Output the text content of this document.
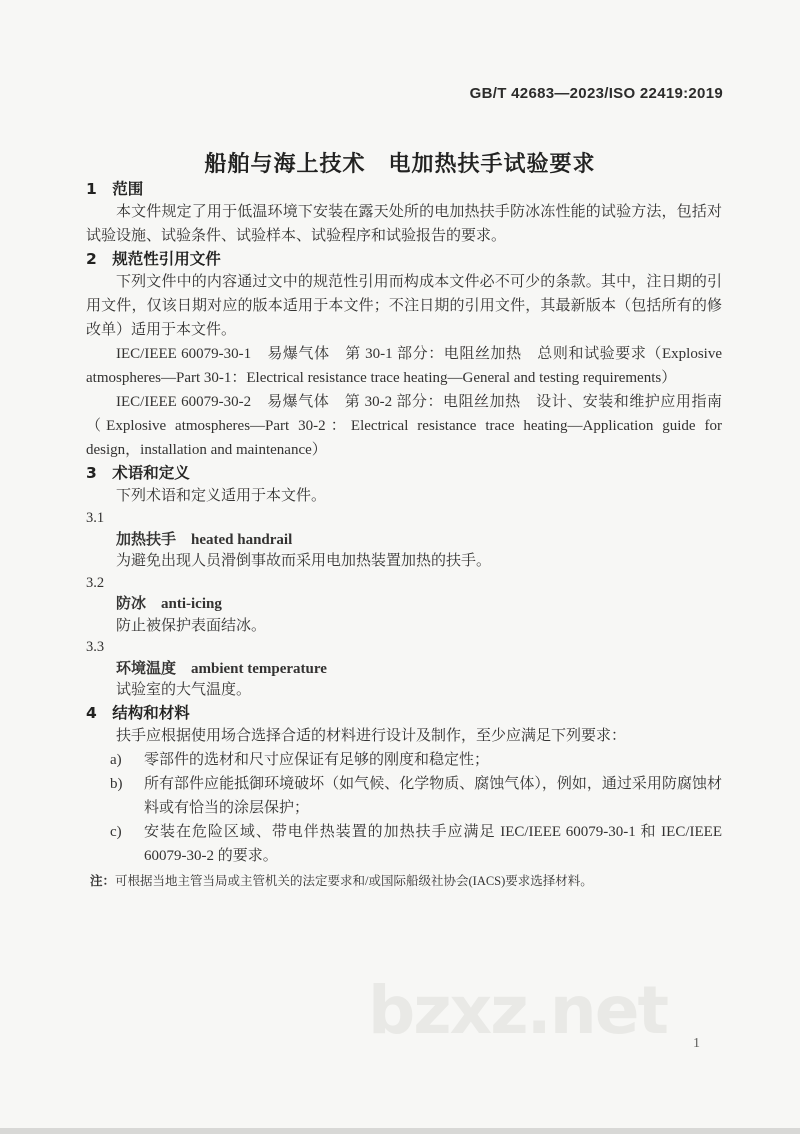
bzxz.net
GB/T 42683—2023/ISO 22419:2019
船舶与海上技术　电加热扶手试验要求
1　范围

本文件规定了用于低温环境下安装在露天处所的电加热扶手防冰冻性能的试验方法，包括对试验设施、试验条件、试验样本、试验程序和试验报告的要求。

2　规范性引用文件

下列文件中的内容通过文中的规范性引用而构成本文件必不可少的条款。其中，注日期的引用文件，仅该日期对应的版本适用于本文件；不注日期的引用文件，其最新版本（包括所有的修改单）适用于本文件。

IEC/IEEE 60079-30-1　易爆气体　第 30-1 部分：电阻丝加热　总则和试验要求（Explosive atmospheres—Part 30-1：Electrical resistance trace heating—General and testing requirements）

IEC/IEEE 60079-30-2　易爆气体　第 30-2 部分：电阻丝加热　设计、安装和维护应用指南（Explosive atmospheres—Part 30-2：Electrical resistance trace heating—Application guide for design，installation and maintenance）

3　术语和定义

下列术语和定义适用于本文件。

3.1
加热扶手　heated handrail
为避免出现人员滑倒事故而采用电加热装置加热的扶手。
3.2
防冰　anti-icing
防止被保护表面结冰。
3.3
环境温度　ambient temperature
试验室的大气温度。
4　结构和材料

扶手应根据使用场合选择合适的材料进行设计及制作，至少应满足下列要求：

a) 零部件的选材和尺寸应保证有足够的刚度和稳定性；
b) 所有部件应能抵御环境破坏（如气候、化学物质、腐蚀气体），例如，通过采用防腐蚀材料或有恰当的涂层保护；
c) 安装在危险区域、带电伴热装置的加热扶手应满足 IEC/IEEE 60079-30-1 和 IEC/IEEE 60079-30-2 的要求。
注：可根据当地主管当局或主管机关的法定要求和/或国际船级社协会(IACS)要求选择材料。
1
